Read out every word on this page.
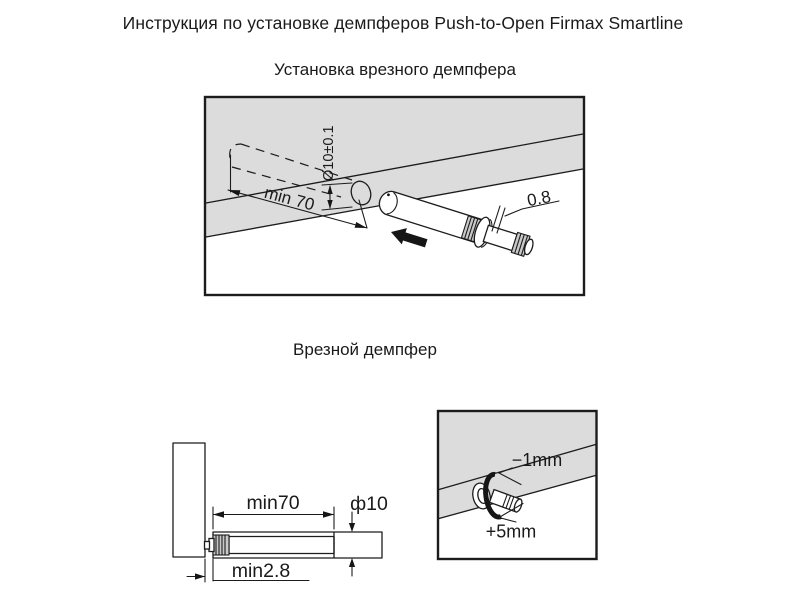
Инструкция по установке демпферов Push-to-Open Firmax Smartline
Установка врезного демпфера
Врезной демпфер
min 70
Ø10±0.1
0.8
min70	ф10
min2.8
−1mm
+5mm
